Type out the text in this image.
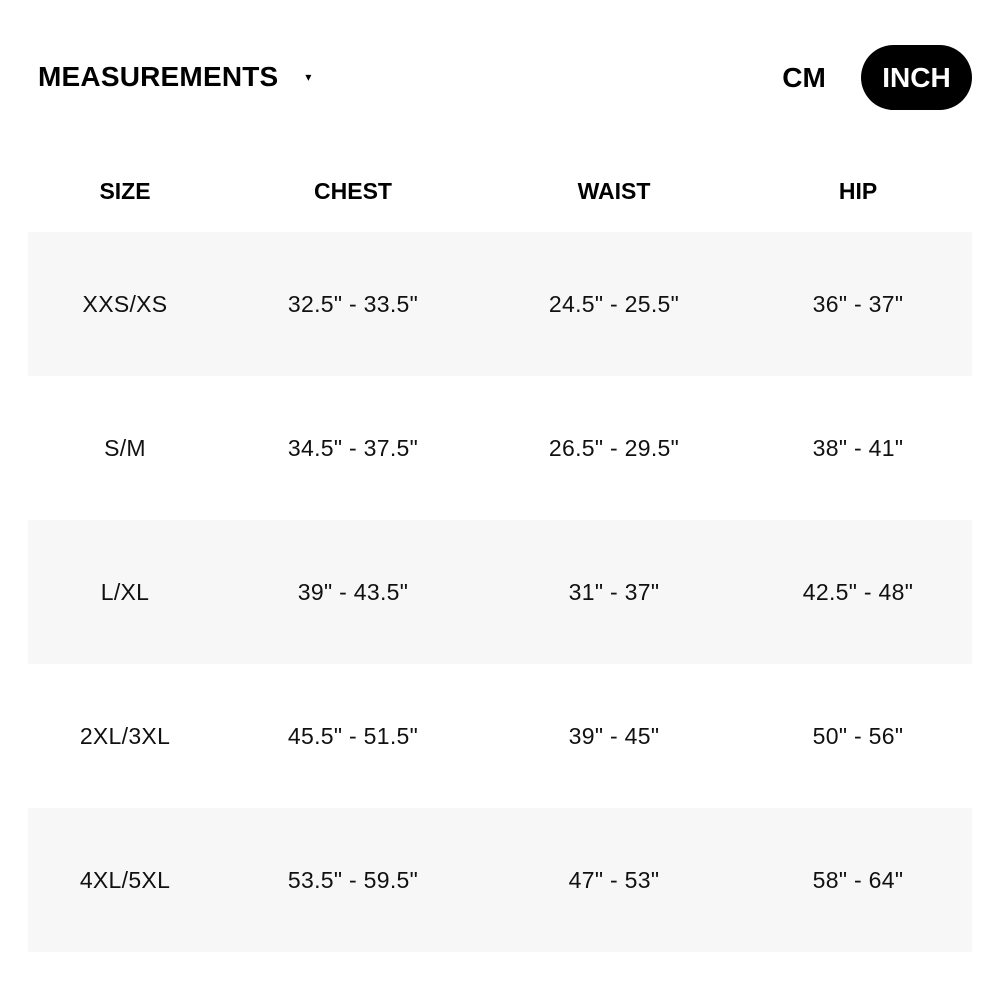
MEASUREMENTS ▾	CM	INCH
SIZE	CHEST	WAIST	HIP
XXS/XS	32.5" - 33.5"	24.5" - 25.5"	36" - 37"
S/M	34.5" - 37.5"	26.5" - 29.5"	38" - 41"
L/XL	39" - 43.5"	31" - 37"	42.5" - 48"
2XL/3XL	45.5" - 51.5"	39" - 45"	50" - 56"
4XL/5XL	53.5" - 59.5"	47" - 53"	58" - 64"
